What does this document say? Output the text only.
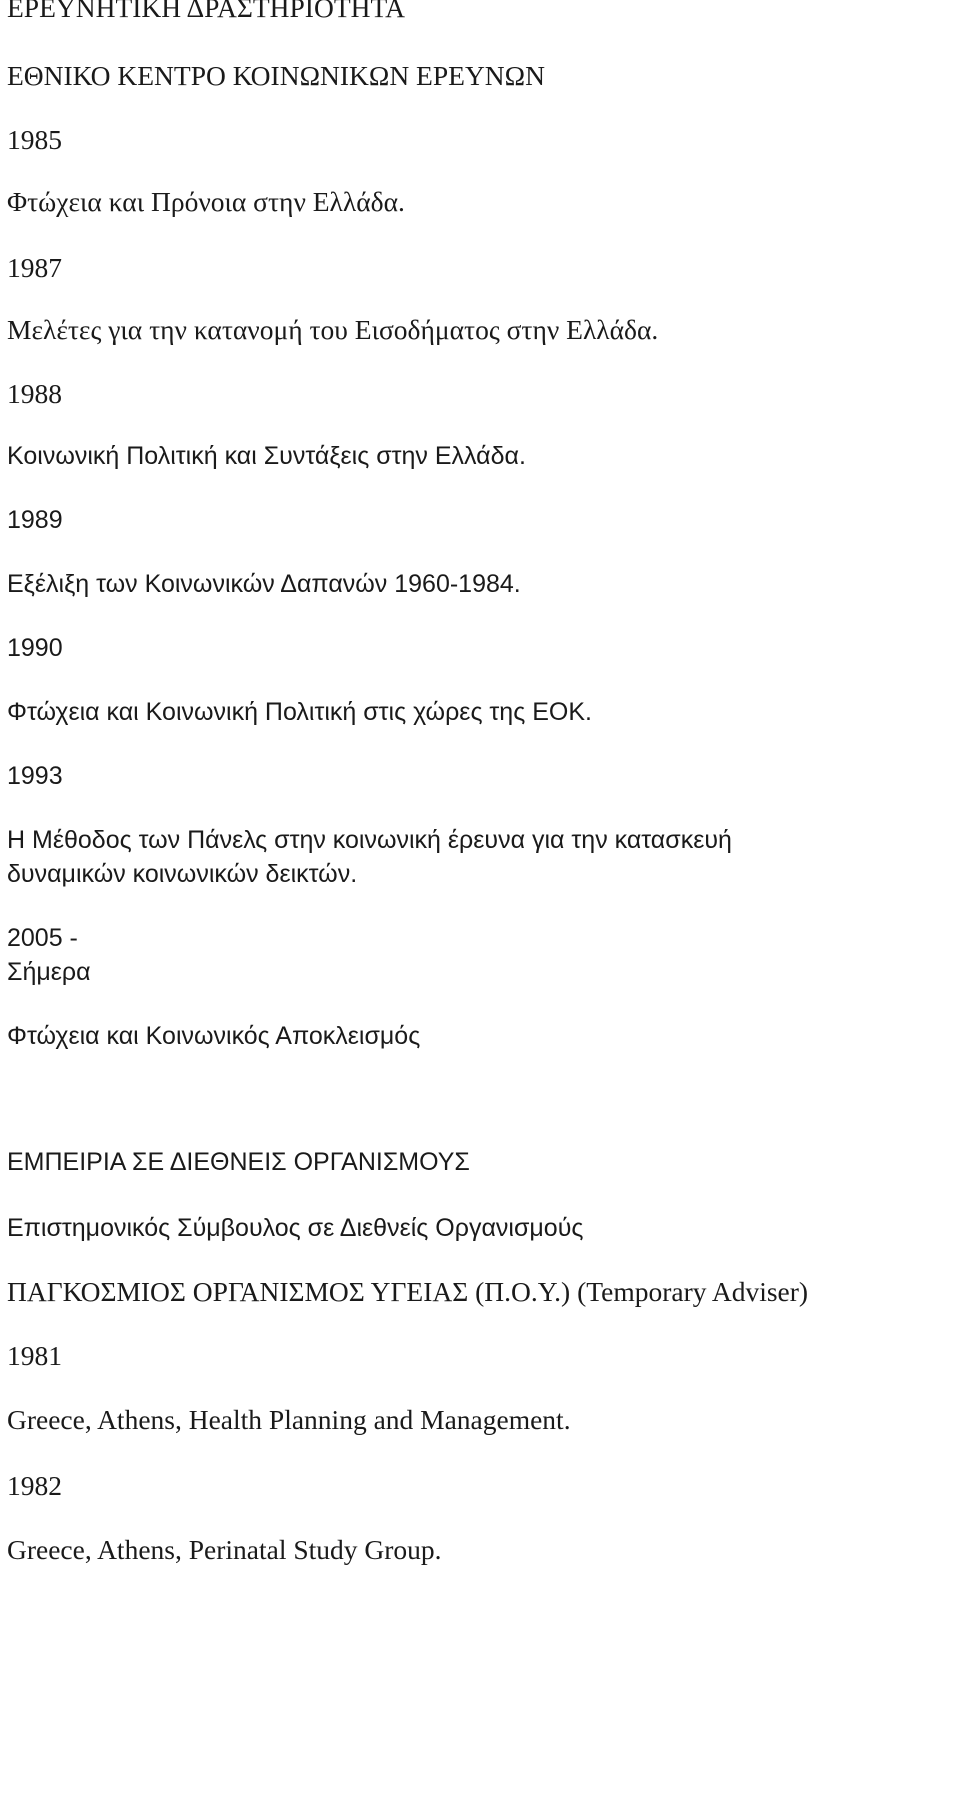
ΕΡΕΥΝΗΤΙΚΗ ΔΡΑΣΤΗΡΙΟΤΗΤΑ

ΕΘΝΙΚΟ ΚΕΝΤΡΟ ΚΟΙΝΩΝΙΚΩΝ ΕΡΕΥΝΩΝ

1985

Φτώχεια και Πρόνοια στην Ελλάδα.

1987

Μελέτες για την κατανομή του Εισοδήματος στην Ελλάδα.

1988

Κοινωνική Πολιτική και Συντάξεις στην Ελλάδα.

1989

Εξέλιξη των Κοινωνικών Δαπανών 1960-1984.

1990

Φτώχεια και Κοινωνική Πολιτική στις χώρες της ΕΟΚ.

1993

Η Μέθοδος των Πάνελς στην κοινωνική έρευνα για την κατασκευή

δυναμικών κοινωνικών δεικτών.

2005 -

Σήμερα

Φτώχεια και Κοινωνικός Αποκλεισμός

ΕΜΠΕΙΡΙΑ ΣΕ ΔΙΕΘΝΕΙΣ ΟΡΓΑΝΙΣΜΟΥΣ

Επιστημονικός Σύμβουλος σε Διεθνείς Οργανισμούς

ΠΑΓΚΟΣΜΙΟΣ ΟΡΓΑΝΙΣΜΟΣ ΥΓΕΙΑΣ (Π.Ο.Υ.) (Temporary Adviser)

1981

Greece, Athens, Health Planning and Management.

1982

Greece, Athens, Perinatal Study Group.
